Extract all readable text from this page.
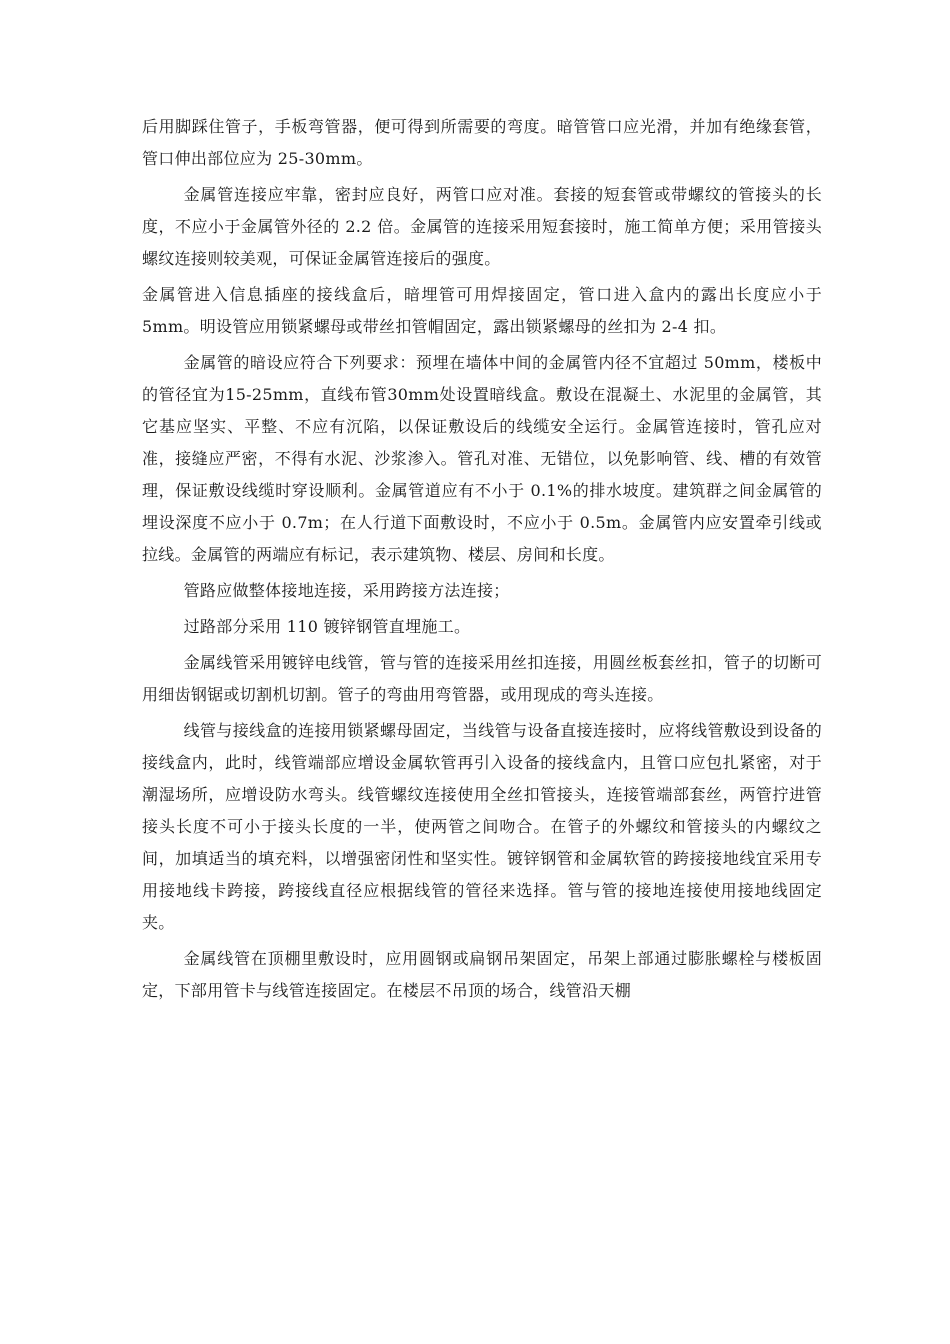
后用脚踩住管子，手板弯管器，便可得到所需要的弯度。暗管管口应光滑，并加有绝缘套管，管口伸出部位应为 25-30mm。

金属管连接应牢靠，密封应良好，两管口应对准。套接的短套管或带螺纹的管接头的长度，不应小于金属管外径的 2.2 倍。金属管的连接采用短套接时，施工简单方便；采用管接头螺纹连接则较美观，可保证金属管连接后的强度。

金属管进入信息插座的接线盒后，暗埋管可用焊接固定，管口进入盒内的露出长度应小于 5mm。明设管应用锁紧螺母或带丝扣管帽固定，露出锁紧螺母的丝扣为 2-4 扣。

金属管的暗设应符合下列要求：预埋在墙体中间的金属管内径不宜超过 50mm，楼板中的管径宜为15-25mm，直线布管30mm处设置暗线盒。敷设在混凝土、水泥里的金属管，其它基应坚实、平整、不应有沉陷，以保证敷设后的线缆安全运行。金属管连接时，管孔应对准，接缝应严密，不得有水泥、沙浆渗入。管孔对准、无错位，以免影响管、线、槽的有效管理，保证敷设线缆时穿设顺利。金属管道应有不小于 0.1%的排水坡度。建筑群之间金属管的埋设深度不应小于 0.7m；在人行道下面敷设时，不应小于 0.5m。金属管内应安置牵引线或拉线。金属管的两端应有标记，表示建筑物、楼层、房间和长度。

管路应做整体接地连接，采用跨接方法连接；

过路部分采用 110 镀锌钢管直埋施工。

金属线管采用镀锌电线管，管与管的连接采用丝扣连接，用圆丝板套丝扣，管子的切断可用细齿钢锯或切割机切割。管子的弯曲用弯管器，或用现成的弯头连接。

线管与接线盒的连接用锁紧螺母固定，当线管与设备直接连接时，应将线管敷设到设备的接线盒内，此时，线管端部应增设金属软管再引入设备的接线盒内，且管口应包扎紧密，对于潮湿场所，应增设防水弯头。线管螺纹连接使用全丝扣管接头，连接管端部套丝，两管拧进管接头长度不可小于接头长度的一半，使两管之间吻合。在管子的外螺纹和管接头的内螺纹之间，加填适当的填充料，以增强密闭性和坚实性。镀锌钢管和金属软管的跨接接地线宜采用专用接地线卡跨接，跨接线直径应根据线管的管径来选择。管与管的接地连接使用接地线固定夹。

金属线管在顶棚里敷设时，应用圆钢或扁钢吊架固定，吊架上部通过膨胀螺栓与楼板固定，下部用管卡与线管连接固定。在楼层不吊顶的场合，线管沿天棚
